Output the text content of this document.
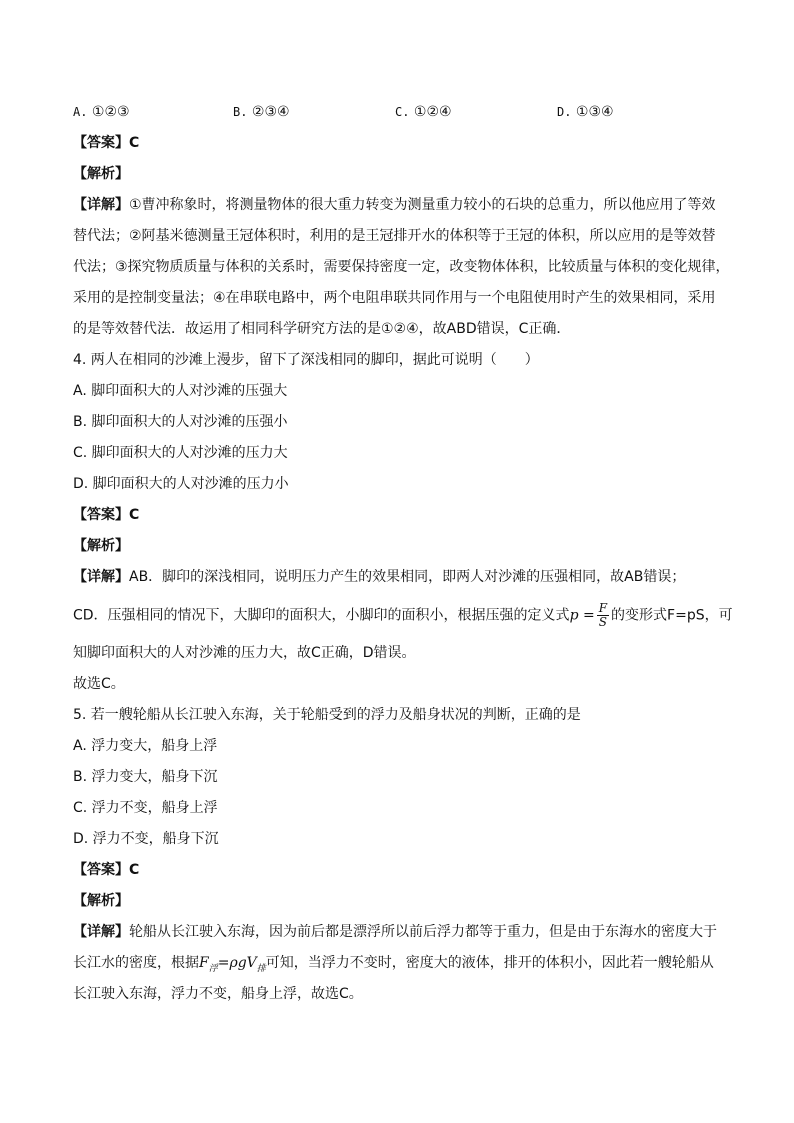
A. ①②③	B. ②③④	C. ①②④	D. ①③④
【答案】C
【解析】
【详解】①曹冲称象时，将测量物体的很大重力转变为测量重力较小的石块的总重力，所以他应用了等效
替代法；②阿基米德测量王冠体积时，利用的是王冠排开水的体积等于王冠的体积，所以应用的是等效替
代法；③探究物质质量与体积的关系时，需要保持密度一定，改变物体体积，比较质量与体积的变化规律，
采用的是控制变量法；④在串联电路中，两个电阻串联共同作用与一个电阻使用时产生的效果相同，采用
的是等效替代法．故运用了相同科学研究方法的是①②④，故ABD错误，C正确．
4. 两人在相同的沙滩上漫步，留下了深浅相同的脚印，据此可说明（　　）
A. 脚印面积大的人对沙滩的压强大
B. 脚印面积大的人对沙滩的压强小
C. 脚印面积大的人对沙滩的压力大
D. 脚印面积大的人对沙滩的压力小
【答案】C
【解析】
【详解】AB．脚印的深浅相同，说明压力产生的效果相同，即两人对沙滩的压强相同，故AB错误；
CD．压强相同的情况下，大脚印的面积大，小脚印的面积小，根据压强的定义式$p = \frac{F}{S}$ 的变形式F=pS，可
知脚印面积大的人对沙滩的压力大，故C正确，D错误。
故选C。
5. 若一艘轮船从长江驶入东海，关于轮船受到的浮力及船身状况的判断，正确的是
A. 浮力变大，船身上浮
B. 浮力变大，船身下沉
C. 浮力不变，船身上浮
D. 浮力不变，船身下沉
【答案】C
【解析】
【详解】轮船从长江驶入东海，因为前后都是漂浮所以前后浮力都等于重力，但是由于东海水的密度大于
长江水的密度，根据$F_浮=\rho gV_排$可知，当浮力不变时，密度大的液体，排开的体积小，因此若一艘轮船从
长江驶入东海，浮力不变，船身上浮，故选C。
